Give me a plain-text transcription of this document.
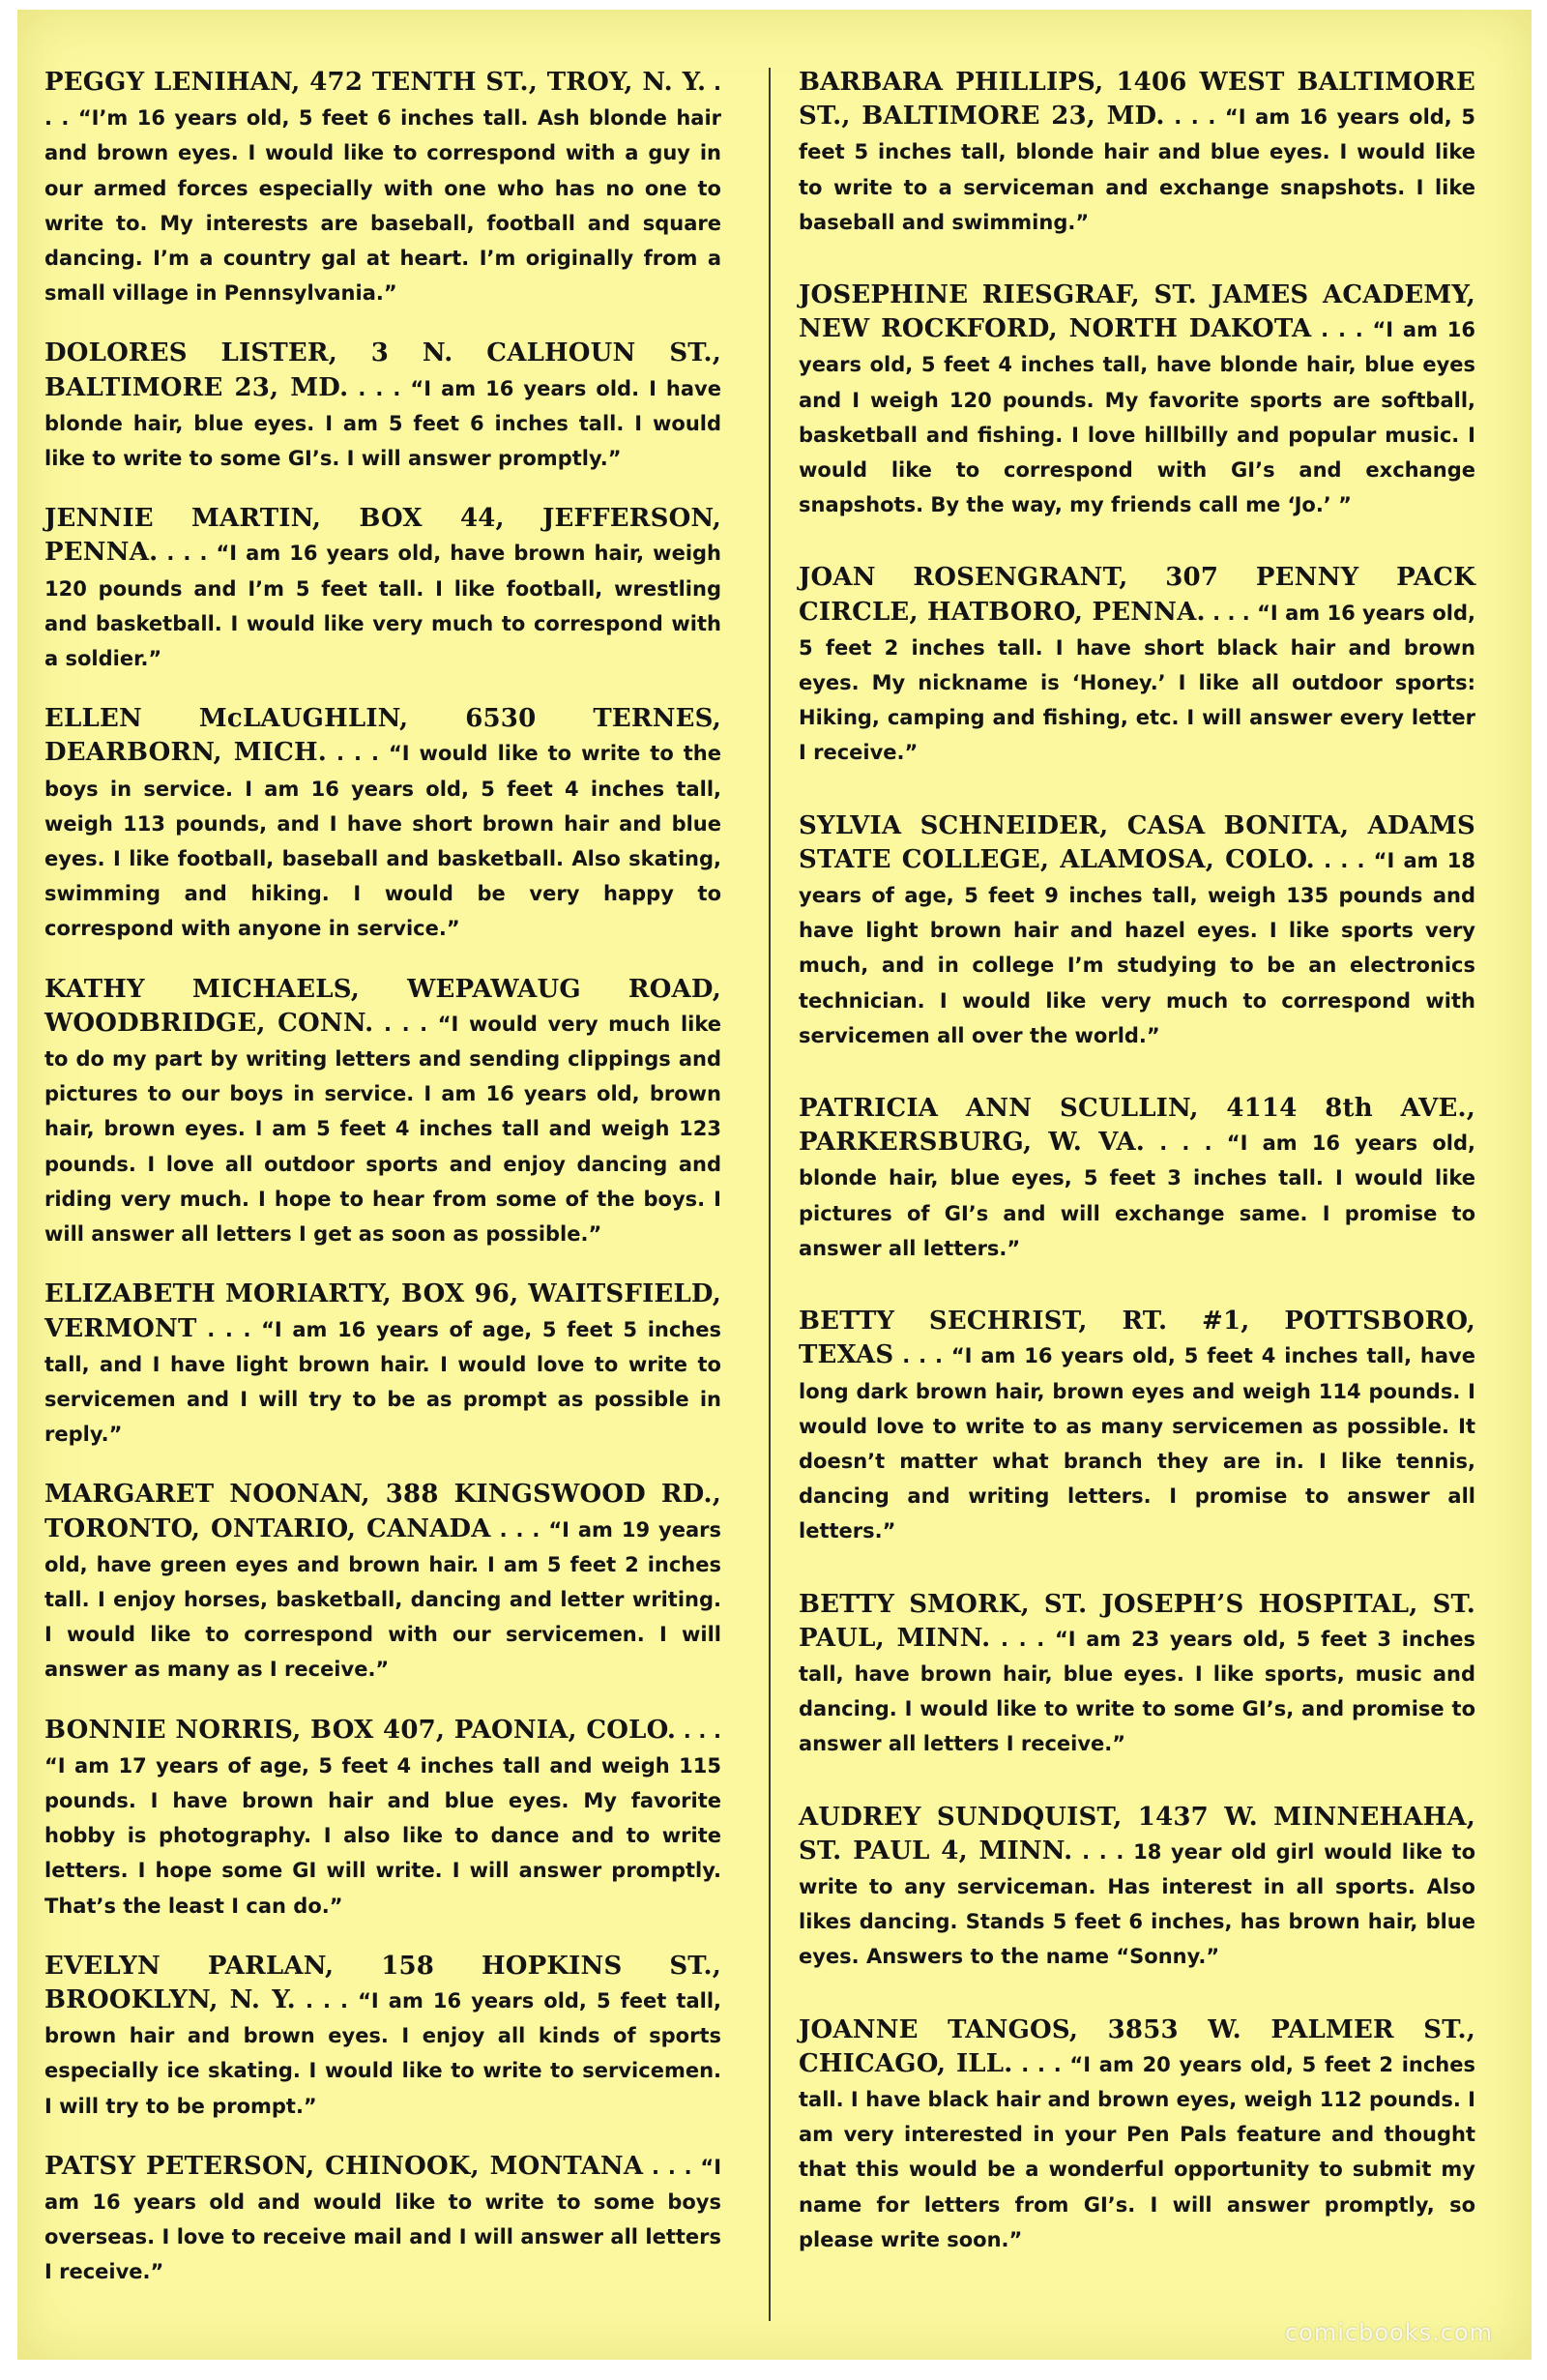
PEGGY LENIHAN, 472 TENTH ST., TROY, N. Y. . . . “I’m 16 years old, 5 feet 6 inches tall. Ash blonde hair and brown eyes. I would like to correspond with a guy in our armed forces especially with one who has no one to write to. My interests are baseball, football and square dancing. I’m a country gal at heart. I’m originally from a small village in Pennsylvania.”

DOLORES LISTER, 3 N. CALHOUN ST., BALTIMORE 23, MD. . . . “I am 16 years old. I have blonde hair, blue eyes. I am 5 feet 6 inches tall. I would like to write to some GI’s. I will answer promptly.”

JENNIE MARTIN, BOX 44, JEFFERSON, PENNA. . . . “I am 16 years old, have brown hair, weigh 120 pounds and I’m 5 feet tall. I like football, wrestling and basketball. I would like very much to correspond with a soldier.”

ELLEN McLAUGHLIN, 6530 TERNES, DEARBORN, MICH. . . . “I would like to write to the boys in service. I am 16 years old, 5 feet 4 inches tall, weigh 113 pounds, and I have short brown hair and blue eyes. I like football, baseball and basketball. Also skating, swimming and hiking. I would be very happy to correspond with anyone in service.”

KATHY MICHAELS, WEPAWAUG ROAD, WOODBRIDGE, CONN. . . . “I would very much like to do my part by writing letters and sending clippings and pictures to our boys in service. I am 16 years old, brown hair, brown eyes. I am 5 feet 4 inches tall and weigh 123 pounds. I love all outdoor sports and enjoy dancing and riding very much. I hope to hear from some of the boys. I will answer all letters I get as soon as possible.”

ELIZABETH MORIARTY, BOX 96, WAITSFIELD, VERMONT . . . “I am 16 years of age, 5 feet 5 inches tall, and I have light brown hair. I would love to write to servicemen and I will try to be as prompt as possible in reply.”

MARGARET NOONAN, 388 KINGSWOOD RD., TORONTO, ONTARIO, CANADA . . . “I am 19 years old, have green eyes and brown hair. I am 5 feet 2 inches tall. I enjoy horses, basketball, dancing and letter writing. I would like to correspond with our servicemen. I will answer as many as I receive.”

BONNIE NORRIS, BOX 407, PAONIA, COLO. . . . “I am 17 years of age, 5 feet 4 inches tall and weigh 115 pounds. I have brown hair and blue eyes. My favorite hobby is photography. I also like to dance and to write letters. I hope some GI will write. I will answer promptly. That’s the least I can do.”

EVELYN PARLAN, 158 HOPKINS ST., BROOKLYN, N. Y. . . . “I am 16 years old, 5 feet tall, brown hair and brown eyes. I enjoy all kinds of sports especially ice skating. I would like to write to servicemen. I will try to be prompt.”

PATSY PETERSON, CHINOOK, MONTANA . . . “I am 16 years old and would like to write to some boys overseas. I love to receive mail and I will answer all letters I receive.”

BARBARA PHILLIPS, 1406 WEST BALTIMORE ST., BALTIMORE 23, MD. . . . “I am 16 years old, 5 feet 5 inches tall, blonde hair and blue eyes. I would like to write to a serviceman and exchange snapshots. I like baseball and swimming.”

JOSEPHINE RIESGRAF, ST. JAMES ACADEMY, NEW ROCKFORD, NORTH DAKOTA . . . “I am 16 years old, 5 feet 4 inches tall, have blonde hair, blue eyes and I weigh 120 pounds. My favorite sports are softball, basketball and fishing. I love hillbilly and popular music. I would like to correspond with GI’s and exchange snapshots. By the way, my friends call me ‘Jo.’ ”

JOAN ROSENGRANT, 307 PENNY PACK CIRCLE, HATBORO, PENNA. . . . “I am 16 years old, 5 feet 2 inches tall. I have short black hair and brown eyes. My nickname is ‘Honey.’ I like all outdoor sports: Hiking, camping and fishing, etc. I will answer every letter I receive.”

SYLVIA SCHNEIDER, CASA BONITA, ADAMS STATE COLLEGE, ALAMOSA, COLO. . . . “I am 18 years of age, 5 feet 9 inches tall, weigh 135 pounds and have light brown hair and hazel eyes. I like sports very much, and in college I’m studying to be an electronics technician. I would like very much to correspond with servicemen all over the world.”

PATRICIA ANN SCULLIN, 4114 8th AVE., PARKERSBURG, W. VA. . . . “I am 16 years old, blonde hair, blue eyes, 5 feet 3 inches tall. I would like pictures of GI’s and will exchange same. I promise to answer all letters.”

BETTY SECHRIST, RT. #1, POTTSBORO, TEXAS . . . “I am 16 years old, 5 feet 4 inches tall, have long dark brown hair, brown eyes and weigh 114 pounds. I would love to write to as many servicemen as possible. It doesn’t matter what branch they are in. I like tennis, dancing and writing letters. I promise to answer all letters.”

BETTY SMORK, ST. JOSEPH’S HOSPITAL, ST. PAUL, MINN. . . . “I am 23 years old, 5 feet 3 inches tall, have brown hair, blue eyes. I like sports, music and dancing. I would like to write to some GI’s, and promise to answer all letters I receive.”

AUDREY SUNDQUIST, 1437 W. MINNEHAHA, ST. PAUL 4, MINN. . . . 18 year old girl would like to write to any serviceman. Has interest in all sports. Also likes dancing. Stands 5 feet 6 inches, has brown hair, blue eyes. Answers to the name “Sonny.”

JOANNE TANGOS, 3853 W. PALMER ST., CHICAGO, ILL. . . . “I am 20 years old, 5 feet 2 inches tall. I have black hair and brown eyes, weigh 112 pounds. I am very interested in your Pen Pals feature and thought that this would be a wonderful opportunity to submit my name for letters from GI’s. I will answer promptly, so please write soon.”

comicbooks.com
